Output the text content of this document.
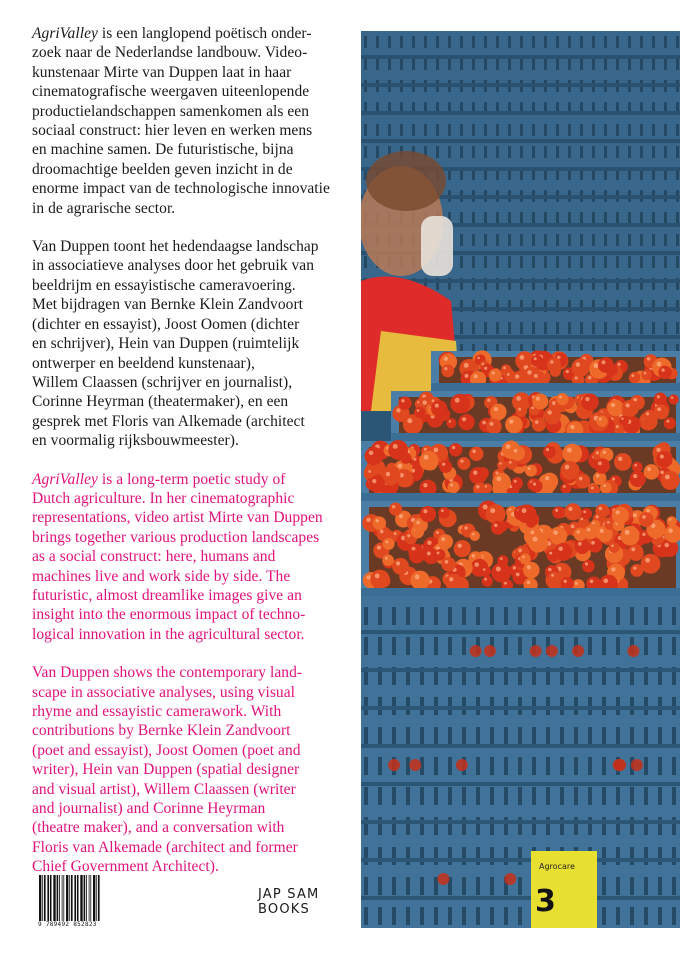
AgriValley is een langlopend poëtisch onder-
zoek naar de Nederlandse landbouw. Video-
kunstenaar Mirte van Duppen laat in haar
cinematografische weergaven uiteenlopende
productielandschappen samenkomen als een
sociaal construct: hier leven en werken mens
en machine samen. De futuristische, bijna
droomachtige beelden geven inzicht in de
enorme impact van de technologische innovatie
in de agrarische sector.

Van Duppen toont het hedendaagse landschap
in associatieve analyses door het gebruik van
beeldrijm en essayistische cameravoering.
Met bijdragen van Bernke Klein Zandvoort
(dichter en essayist), Joost Oomen (dichter
en schrijver), Hein van Duppen (ruimtelijk
ontwerper en beeldend kunstenaar),
Willem Claassen (schrijver en journalist),
Corinne Heyrman (theatermaker), en een
gesprek met Floris van Alkemade (architect
en voormalig rijksbouwmeester).

AgriValley is a long-term poetic study of
Dutch agriculture. In her cinematographic
representations, video artist Mirte van Duppen
brings together various production landscapes
as a social construct: here, humans and
machines live and work side by side. The
futuristic, almost dreamlike images give an
insight into the enormous impact of techno-
logical innovation in the agricultural sector.

Van Duppen shows the contemporary land-
scape in associative analyses, using visual
rhyme and essayistic camerawork. With
contributions by Bernke Klein Zandvoort
(poet and essayist), Joost Oomen (poet and
writer), Hein van Duppen (spatial designer
and visual artist), Willem Claassen (writer
and journalist) and Corinne Heyrman
(theatre maker), and a conversation with
Floris van Alkemade (architect and former
Chief Government Architect).	Agrocare
3
9 789492 852823
JAP SAM
BOOKS
